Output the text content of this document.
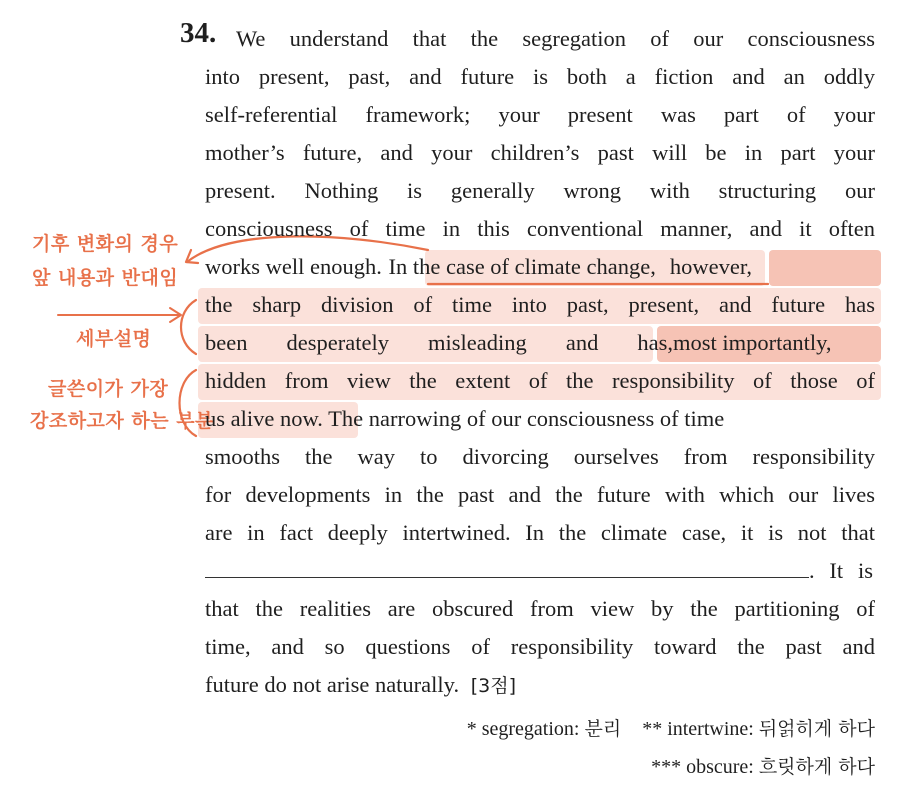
기후 변화의 경우
앞 내용과 반대임
세부설명
글쓴이가 가장
강조하고자 하는 부분
34. We understand that the segregation of our consciousness
into present, past, and future is both a fiction and an oddly
self-referential framework; your present was part of your
mother’s future, and your children’s past will be in part your
present. Nothing is generally wrong with structuring our
consciousness of time in this conventional manner, and it often
works well enough. In the case of climate change, however,
the sharp division of time into past, present, and future has
been desperately misleading and has,most importantly,
hidden from view the extent of the responsibility of those of
us alive now. The narrowing of our consciousness of time
smooths the way to divorcing ourselves from responsibility
for developments in the past and the future with which our lives
are in fact deeply intertwined. In the climate case, it is not that
. It is
that the realities are obscured from view by the partitioning of
time, and so questions of responsibility toward the past and
future do not arise naturally. [3점]
* segregation: 분리 ** intertwine: 뒤얽히게 하다
*** obscure: 흐릿하게 하다
